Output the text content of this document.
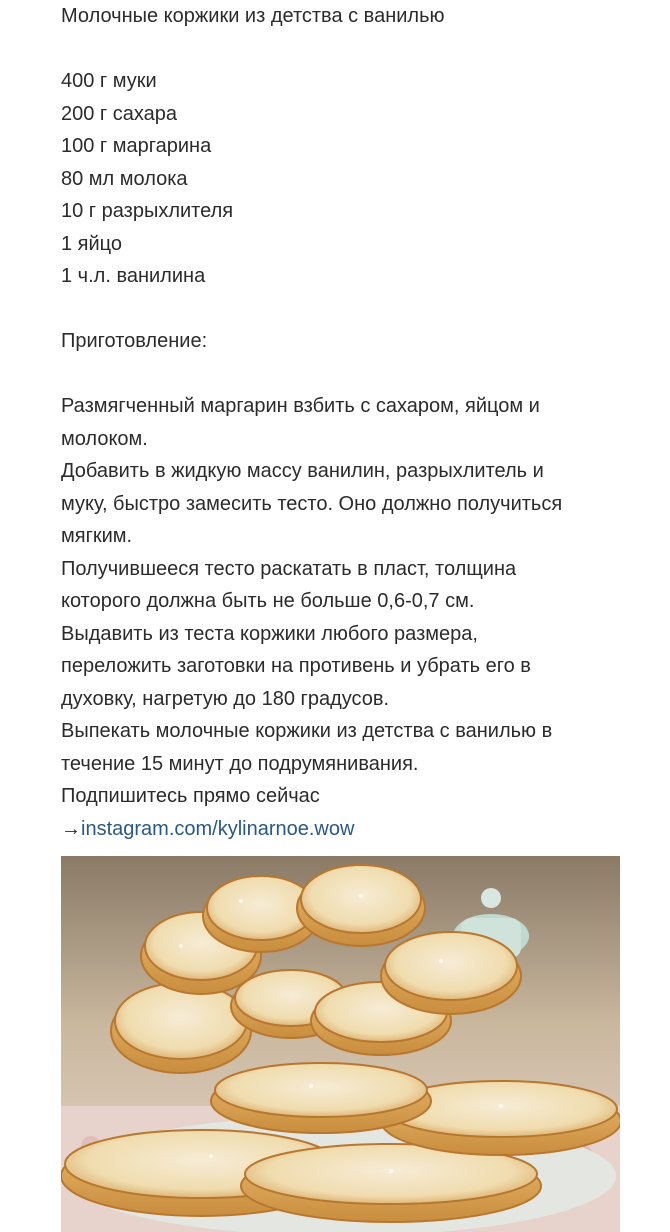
Молочные коржики из детства с ванилью

400 г муки

200 г сахара

100 г маргарина

80 мл молока

10 г разрыхлителя

1 яйцо

1 ч.л. ванилина

Приготовление:

Размягченный маргарин взбить с сахаром, яйцом и

молоком.

Добавить в жидкую массу ванилин, разрыхлитель и

муку, быстро замесить тесто. Оно должно получиться

мягким.

Получившееся тесто раскатать в пласт, толщина

которого должна быть не больше 0,6-0,7 см.

Выдавить из теста коржики любого размера,

переложить заготовки на противень и убрать его в

духовку, нагретую до 180 градусов.

Выпекать молочные коржики из детства с ванилью в

течение 15 минут до подрумянивания.

Подпишитесь прямо сейчас

→instagram.com/kylinarnoe.wow
